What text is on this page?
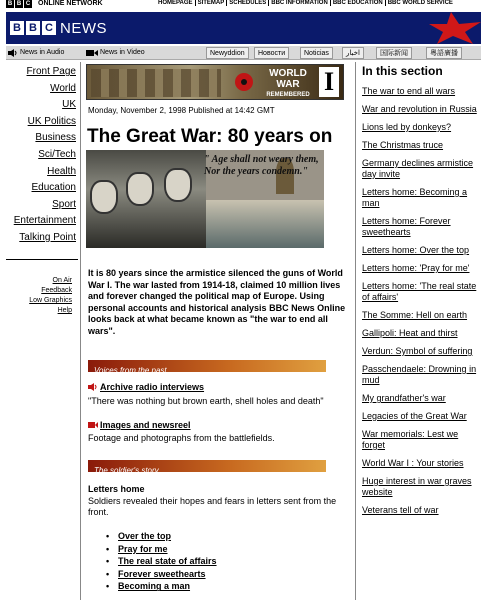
B B C ONLINE NETWORK	HOMEPAGE SITEMAP SCHEDULES BBC INFORMATION BBC EDUCATION BBC WORLD SERVICE
B B C NEWS
News in Audio	News in Video	Newyddion	Новости	Noticias	اخبار	国际新闻	粵語廣播
Front Page
World
UK
UK Politics
Business
Sci/Tech
Health
Education
Sport
Entertainment
Talking Point
On Air
Feedback
Low Graphics
Help
WORLD
WAR
REMEMBERED I
Monday, November 2, 1998 Published at 14:42 GMT
The Great War: 80 years on
" Age shall not weary them, Nor the years condemn."
It is 80 years since the armistice silenced the guns of World War I. The war lasted from 1914-18, claimed 10 million lives and forever changed the political map of Europe. Using personal accounts and historical analysis BBC News Online looks back at what became known as "the war to end all wars".
Voices from the past
Archive radio interviews
"There was nothing but brown earth, shell holes and death"
Images and newsreel
Footage and photographs from the battlefields.
The soldier's story
Letters home
Soldiers revealed their hopes and fears in letters sent from the front.
• Over the top
• Pray for me
• The real state of affairs
• Forever sweethearts
• Becoming a man
In this section
The war to end all wars
War and revolution in Russia
Lions led by donkeys?
The Christmas truce
Germany declines armistice day invite
Letters home: Becoming a man
Letters home: Forever sweethearts
Letters home: Over the top
Letters home: 'Pray for me'
Letters home: 'The real state of affairs'
The Somme: Hell on earth
Gallipoli: Heat and thirst
Verdun: Symbol of suffering
Passchendaele: Drowning in mud
My grandfather's war
Legacies of the Great War
War memorials: Lest we forget
World War I : Your stories
Huge interest in war graves website
Veterans tell of war
